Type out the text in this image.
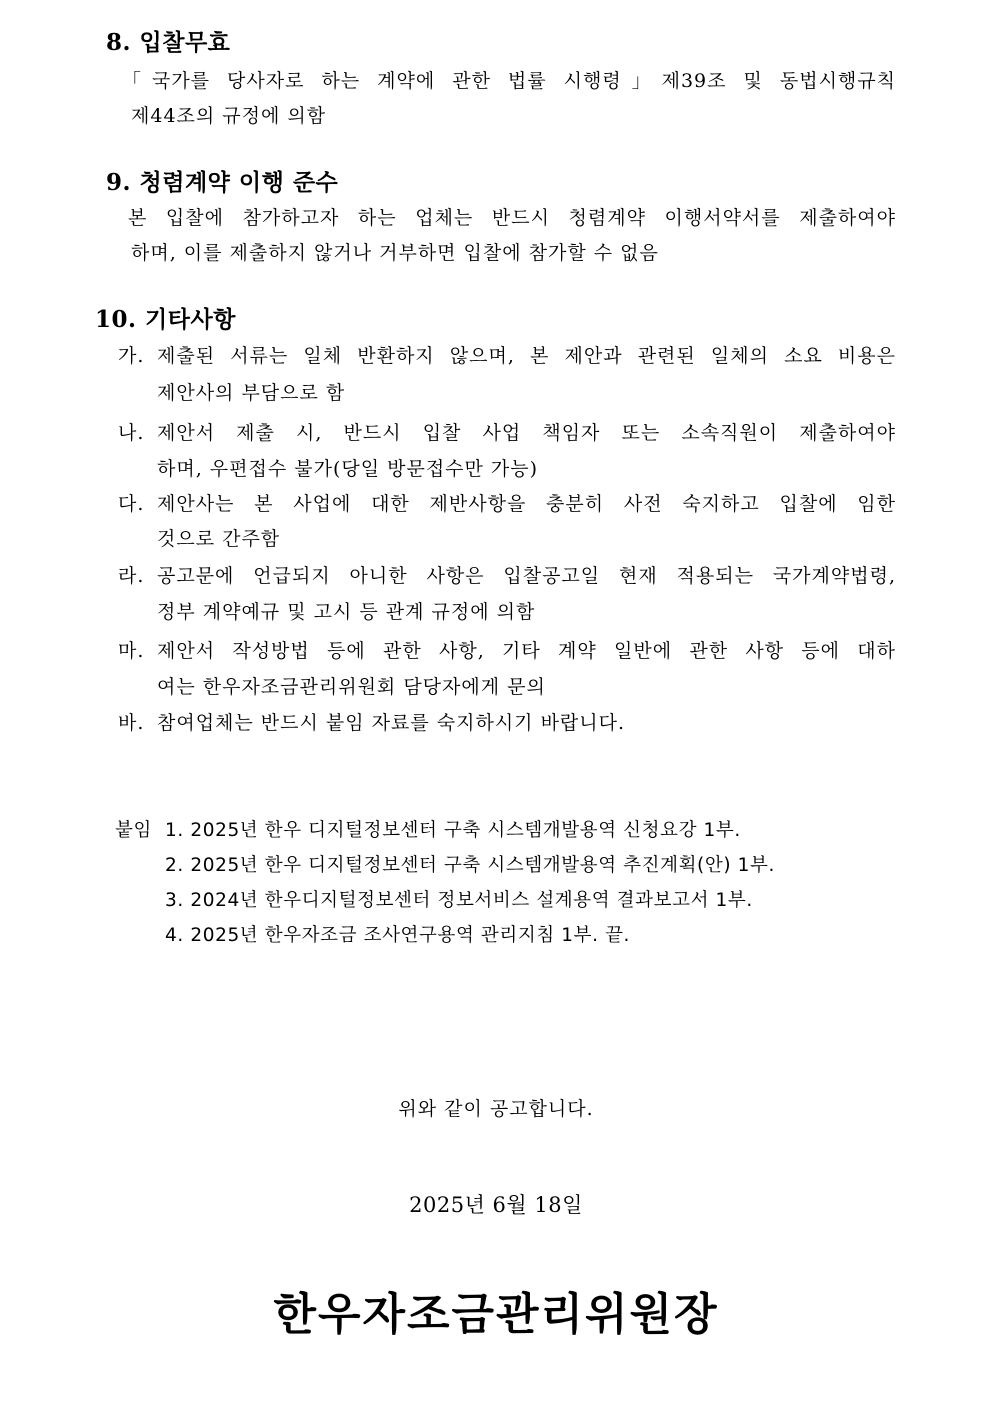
8. 입찰무효
「국가를 당사자로 하는 계약에 관한 법률 시행령」제39조 및 동법시행규칙
제44조의 규정에 의함
9. 청렴계약 이행 준수
본 입찰에 참가하고자 하는 업체는 반드시 청렴계약 이행서약서를 제출하여야
하며, 이를 제출하지 않거나 거부하면 입찰에 참가할 수 없음
10. 기타사항
가. 제출된 서류는 일체 반환하지 않으며, 본 제안과 관련된 일체의 소요 비용은
제안사의 부담으로 함
나. 제안서 제출 시, 반드시 입찰 사업 책임자 또는 소속직원이 제출하여야
하며, 우편접수 불가(당일 방문접수만 가능)
다. 제안사는 본 사업에 대한 제반사항을 충분히 사전 숙지하고 입찰에 임한
것으로 간주함
라. 공고문에 언급되지 아니한 사항은 입찰공고일 현재 적용되는 국가계약법령,
정부 계약예규 및 고시 등 관계 규정에 의함
마. 제안서 작성방법 등에 관한 사항, 기타 계약 일반에 관한 사항 등에 대하
여는 한우자조금관리위원회 담당자에게 문의
바. 참여업체는 반드시 붙임 자료를 숙지하시기 바랍니다.
붙임 1. 2025년 한우 디지털정보센터 구축 시스템개발용역 신청요강 1부.
2. 2025년 한우 디지털정보센터 구축 시스템개발용역 추진계획(안) 1부.
3. 2024년 한우디지털정보센터 정보서비스 설계용역 결과보고서 1부.
4. 2025년 한우자조금 조사연구용역 관리지침 1부. 끝.
위와 같이 공고합니다.
2025년 6월 18일
한우자조금관리위원장
